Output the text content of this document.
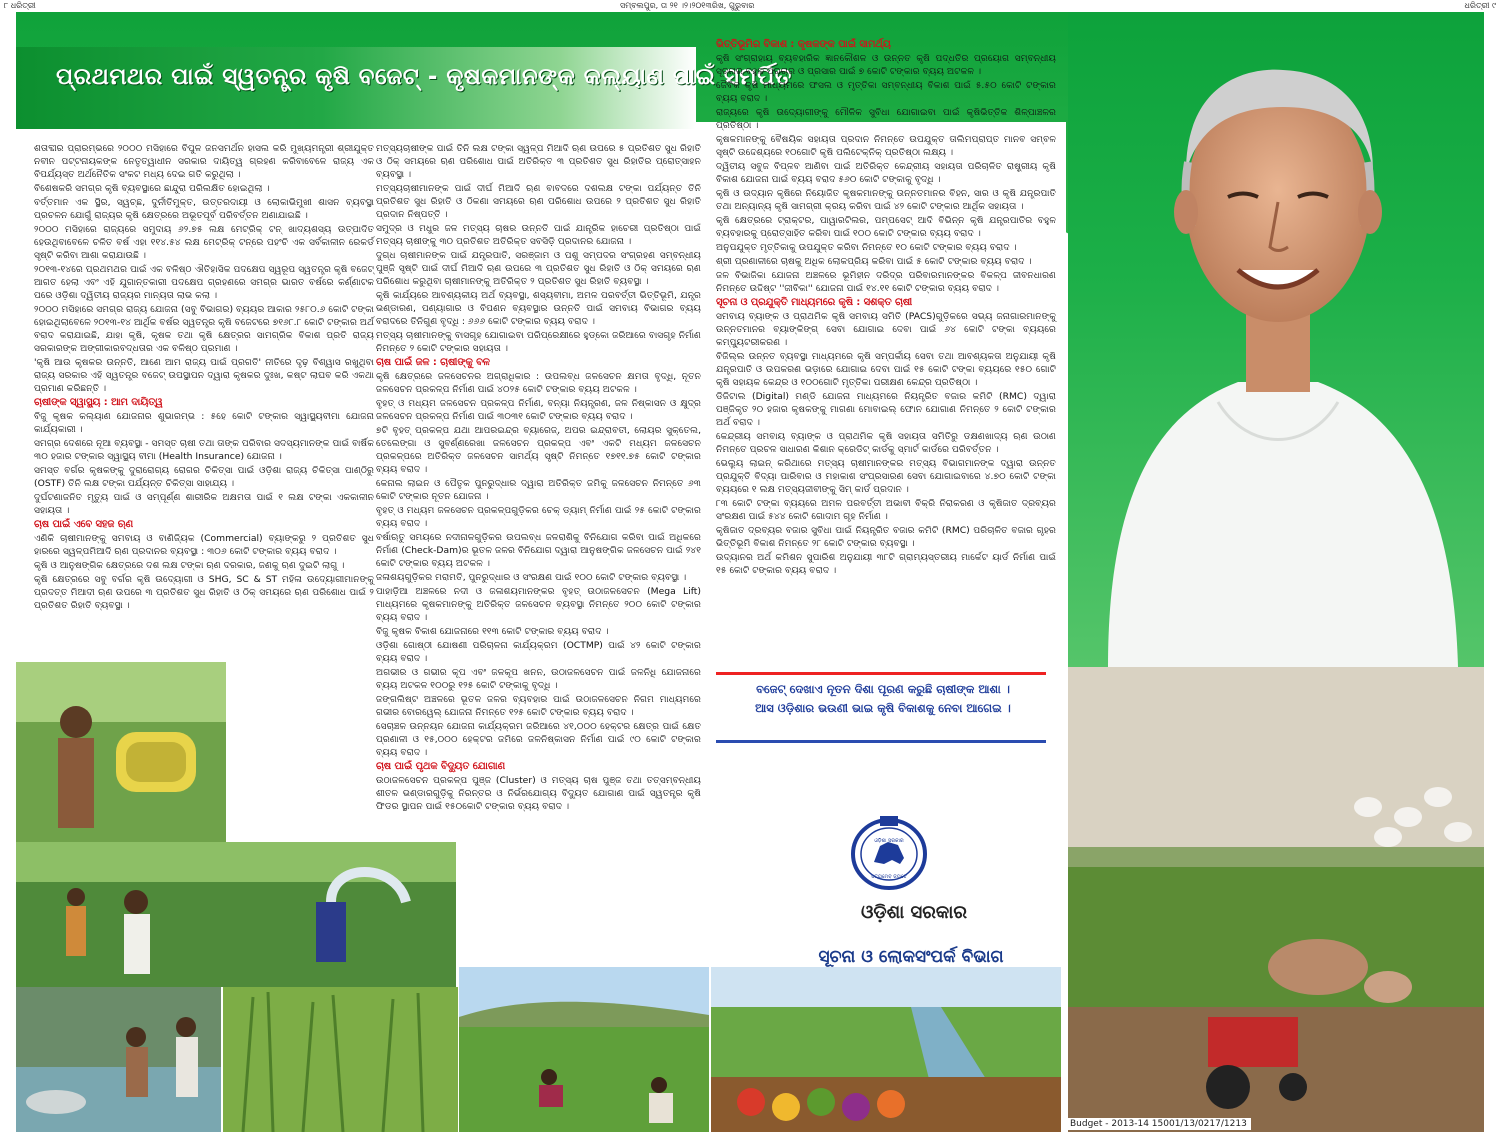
୮ ଧରିତ୍ରୀ	ସମ୍ବଲପୁର, ତା ୨୧ ।୨।୨୦୧୩ରିଖ, ଗୁରୁବାର	ଧରିତ୍ରୀ ୯
ପ୍ରଥମଥର ପାଇଁ ସ୍ୱତନ୍ତ୍ର କୃଷି ବଜେଟ୍ - କୃଷକମାନଙ୍କ କଲ୍ୟାଣ ପାଇଁ ସମର୍ପିତ

ଶତାବ୍ଦୀର ପ୍ରାରମ୍ଭରେ ୨୦୦୦ ମସିହାରେ ବିପୁଳ ଜନସମର୍ଥନ ହାସଲ କରି ମୁଖ୍ୟମନ୍ତ୍ରୀ ଶ୍ରୀଯୁକ୍ତ ନବୀନ ପଟ୍ଟନାୟକଙ୍କ ନେତୃତ୍ୱାଧୀନ ସରକାର ଦାୟିତ୍ୱ ଗ୍ରହଣ କରିବାବେଳେ ରାଜ୍ୟ ଏକ ବିପର୍ଯ୍ୟସ୍ତ ଅର୍ଥନୈତିକ ସଂକଟ ମଧ୍ୟ ଦେଇ ଗତି କରୁଥିଲା ।

ବିଶେଷକରି ସମଗ୍ର କୃଷି ବ୍ୟବସ୍ଥାରେ ଛାନ୍ଦୁରା ପରିଲକ୍ଷିତ ହୋଇଥିଲା ।

ବର୍ତ୍ତମାନ ଏକ ସ୍ଥିର, ସ୍ୱଚ୍ଛ, ଦୁର୍ନୀତିମୁକ୍ତ, ଉତ୍ତରଦାୟୀ ଓ ଲୋକାଭିମୁଖୀ ଶାସନ ବ୍ୟବସ୍ଥା ପ୍ରଚଳନ ଯୋଗୁଁ ରାଜ୍ୟର କୃଷି କ୍ଷେତ୍ରରେ ଅଭୂତପୂର୍ବ ପରିବର୍ତ୍ତନ ଅଣାଯାଇଛି ।

୨୦୦୦ ମସିହାରେ ରାଜ୍ୟରେ ସମୁଦାୟ ୬୨.୭୫ ଲକ୍ଷ ମେଟ୍ରିକ୍ ଟନ୍ ଖାଦ୍ୟଶସ୍ୟ ଉତ୍ପାଦିତ ହେଉଥିବାବେଳେ ଚଳିତ ବର୍ଷ ଏହା ୧୧୪.୫୪ ଲକ୍ଷ ମେଟ୍ରିକ୍ ଟନ୍‌ରେ ପହଂଚି ଏକ ସର୍ବକାଳୀନ ରେକର୍ଡ ସୃଷ୍ଟି କରିବା ଆଶା କରାଯାଉଛି ।

୨୦୧୩-୧୪ରେ ପ୍ରଥମଥର ପାଇଁ ଏକ ବଳିଷ୍ଠ ଐତିହାସିକ ପଦକ୍ଷେପ ସ୍ୱରୂପ ସ୍ୱତନ୍ତ୍ର କୃଷି ବଜେଟ୍ ଆଗତ ହେଲା ଏବଂ ଏହି ଯୁଗାନ୍ତକାରୀ ପଦକ୍ଷେପ ଗ୍ରହଣରେ ସମଗ୍ର ଭାରତ ବର୍ଷରେ କର୍ଣ୍ଣାଟକ ପରେ ଓଡ଼ିଶା ଦ୍ୱିତୀୟ ରାଜ୍ୟର ମାନ୍ୟତା ଲାଭ କଲା ।

୨୦୦୦ ମସିହାରେ ସମଗ୍ର ରାଜ୍ୟ ଯୋଜନା (ସବୁ ବିଭାଗର) ବ୍ୟୟର ଆକାର ୨୫୮୦.୬ କୋଟି ଟଙ୍କା ହୋଇଥିଲାବେଳେ ୨୦୧୩-୧୪ ଆର୍ଥିକ ବର୍ଷର ସ୍ୱତନ୍ତ୍ର କୃଷି ବଜେଟରେ ୭୧୬୮.୮ କୋଟି ଟଙ୍କାର ଅର୍ଥ ବରାଦ କରାଯାଇଛି, ଯାହା କୃଷି, କୃଷକ ତଥା କୃଷି କ୍ଷେତ୍ରର ସାମଗ୍ରିକ ବିକାଶ ପ୍ରତି ରାଜ୍ୟ ସରକାରଙ୍କ ଅଙ୍ଗୀକାରବଦ୍ଧତାର ଏକ ବଳିଷ୍ଠ ପ୍ରମାଣ ।

'କୃଷି ଆଉ କୃଷକର ଉନ୍ନତି, ଆଣେ ଆମ ରାଜ୍ୟ ପାଇଁ ପ୍ରଗତି' ନୀତିରେ ଦୃଢ଼ ବିଶ୍ୱାସ ରଖୁଥିବା ରାଜ୍ୟ ସରକାର ଏହି ସ୍ୱତନ୍ତ୍ର ବଜେଟ୍ ଉପସ୍ଥାପନ ଦ୍ୱାରା କୃଷକର ଦୁଃଖ, କଷ୍ଟ ଲାଘବ କରି ଏକଥା ପ୍ରମାଣ କରିଛନ୍ତି ।

ଚାଷୀଙ୍କ ସ୍ୱାସ୍ଥ୍ୟ : ଆମ ଦାୟିତ୍ୱ

ବିଜୁ କୃଷକ କଲ୍ୟାଣ ଯୋଜନାର ଶୁଭାରମ୍ଭ : ୫ହେ କୋଟି ଟଙ୍କାର ସ୍ୱାସ୍ଥ୍ୟବୀମା ଯୋଜନା କାର୍ଯ୍ୟକାରୀ ।

ସମଗ୍ର ଦେଶରେ ନୂଆ ବ୍ୟବସ୍ଥା - ସମସ୍ତ ଚାଷୀ ତଥା ତାଙ୍କ ପରିବାର ସଦସ୍ୟମାନଙ୍କ ପାଇଁ ବାର୍ଷିକ ୩୦ ହଜାର ଟଙ୍କାର ସ୍ୱାସ୍ଥ୍ୟ ବୀମା (Health Insurance) ଯୋଜନା ।

ସମସ୍ତ ବର୍ଗର କୃଷକଙ୍କୁ ଦୁରାରୋଗ୍ୟ ରୋଗର ଚିକିତ୍ସା ପାଇଁ ଓଡ଼ିଶା ରାଜ୍ୟ ଚିକିତ୍ସା ପାଣ୍ଠିରୁ (OSTF) ତିନି ଲକ୍ଷ ଟଙ୍କା ପର୍ଯ୍ୟନ୍ତ ଚିକିତ୍ସା ସାହାଯ୍ୟ ।

ଦୁର୍ଘଟଣାଜନିତ ମୃତ୍ୟୁ ପାଇଁ ଓ ସମ୍ପୂର୍ଣ୍ଣ ଶାରୀରିକ ଅକ୍ଷମତା ପାଇଁ ୧ ଲକ୍ଷ ଟଙ୍କା ଏକକାଳୀନ ସହାୟତା ।

ଚାଷ ପାଇଁ ଏବେ ସହଜ ଋଣ

ଏଣିକି ଚାଷୀମାନଙ୍କୁ ସମବାୟ ଓ ବାଣିଜ୍ୟିକ (Commercial) ବ୍ୟାଙ୍କରୁ ୨ ପ୍ରତିଶତ ସୁଧ ହାରରେ ସ୍ୱଳ୍ପମିଆଦି ଋଣ ପ୍ରଦାନର ବ୍ୟବସ୍ଥା : ୩୦୬ କୋଟି ଟଙ୍କାର ବ୍ୟୟ ବରାଦ ।

କୃଷି ଓ ଆନୁଷଙ୍ଗିକ କ୍ଷେତ୍ରରେ ଦଶ ଲକ୍ଷ ଟଙ୍କା ଋଣ ଦରକାର, ଜଣକୁ ଋଣ ଦୁଇଟି ଲାଗୁ ।

କୃଷି କ୍ଷେତ୍ରରେ ସବୁ ବର୍ଗର କୃଷି ଉଦ୍ୟୋଗୀ ଓ SHG, SC & ST ମହିଳା ଉଦ୍ୟୋଗୀମାନଙ୍କୁ ପ୍ରଦତ୍ତ ମିଆଦୀ ଋଣ ଉପରେ ୩ ପ୍ରତିଶତ ସୁଧ ରିହାତି ଓ ଠିକ୍ ସମୟରେ ଋଣ ପରିଶୋଧ ପାଇଁ ୨ ପ୍ରତିଶତ ରିହାତି ବ୍ୟବସ୍ଥା ।

ମତ୍ସ୍ୟଚାଷୀଙ୍କ ପାଇଁ ତିନି ଲକ୍ଷ ଟଙ୍କା ସ୍ୱଳ୍ପ ମିଆଦି ଋଣ ଉପରେ ୫ ପ୍ରତିଶତ ସୁଧ ରିହାତି ଓ ଠିକ୍ ସମୟରେ ଋଣ ପରିଶୋଧ ପାଇଁ ଅତିରିକ୍ତ ୩ ପ୍ରତିଶତ ସୁଧ ରିହାତିର ପ୍ରୋତ୍ସାହନ ବ୍ୟବସ୍ଥା ।

ମତ୍ସ୍ୟଚାଷୀମାନଙ୍କ ପାଇଁ ଦୀର୍ଘ ମିଆଦି ଋଣ ବାବଦରେ ଦଶଲକ୍ଷ ଟଙ୍କା ପର୍ଯ୍ୟନ୍ତ ତିନି ପ୍ରତିଶତ ସୁଧ ରିହାତି ଓ ଠିକଣା ସମୟରେ ଋଣ ପରିଶୋଧ ଉପରେ ୨ ପ୍ରତିଶତ ସୁଧ ରିହାତି ପ୍ରଦାନ ନିଷ୍ପତ୍ତି ।

ସମୁଦ୍ର ଓ ମଧୁର ଜଳ ମତ୍ସ୍ୟ ଚାଷର ଉନ୍ନତି ପାଇଁ ଯାନ୍ତ୍ରିକ ହାଚେରୀ ପ୍ରତିଷ୍ଠା ପାଇଁ ମତ୍ସ୍ୟ ଚାଷୀଙ୍କୁ ୩୦ ପ୍ରତିଶତ ଅତିରିକ୍ତ ସବସିଡ଼ି ପ୍ରଦାନର ଯୋଜନା ।

ଦୁଗ୍ଧ ଚାଷୀମାନଙ୍କ ପାଇଁ ଯନ୍ତ୍ରପାତି, ସରଞ୍ଜାମ ଓ ପଶୁ ସମ୍ପଦର ସଂଗ୍ରହଣ ସମ୍ବନ୍ଧୀୟ ପୁଞ୍ଜି ସୃଷ୍ଟି ପାଇଁ ଦୀର୍ଘ ମିଆଦି ଋଣ ଉପରେ ୩ ପ୍ରତିଶତ ସୁଧ ରିହାତି ଓ ଠିକ୍ ସମୟରେ ଋଣ ପରିଶୋଧ କରୁଥିବା ଚାଷୀମାନଙ୍କୁ ଅତିରିକ୍ତ ୨ ପ୍ରତିଶତ ସୁଧ ରିହାତି ବ୍ୟବସ୍ଥା ।

କୃଷି କାର୍ଯ୍ୟରେ ଆବଶ୍ୟକୀୟ ଅର୍ଥ ବ୍ୟବସ୍ଥା, ଶସ୍ୟବୀମା, ଅମଳ ପରବର୍ତ୍ତୀ ଭିତ୍ତିଭୂମି, ଯନ୍ତ୍ର ଭଣ୍ଡାରଣ, ପଣ୍ୟାଗାର ଓ ବିପଣନ ବ୍ୟବସ୍ଥାର ଉନ୍ନତି ପାଇଁ ସମବାୟ ବିଭାଗର ବ୍ୟୟ ବରାଦରେ ତିନିଗୁଣ ବୃଦ୍ଧି : ୬୬୬ କୋଟି ଟଙ୍କାର ବ୍ୟୟ ବରାଦ ।

ମତ୍ସ୍ୟ ଚାଷୀମାନଙ୍କୁ ବାସଗୃହ ଯୋଗାଇବା ପରିପ୍ରେକ୍ଷୀରେ ହୁଡ୍‌କୋ ଜରିଆରେ ବାସଗୃହ ନିର୍ମାଣ ନିମନ୍ତେ ୨ କୋଟି ଟଙ୍କାର ସହାୟତା ।

ଚାଷ ପାଇଁ ଜଳ : ଚାଷୀଙ୍କୁ ବଳ

କୃଷି କ୍ଷେତ୍ରରେ ଜଳସେଚନର ଅଗ୍ରାଧିକାର : ଉପଲବ୍ଧ ଜଳସେଚନ କ୍ଷମତା ବୃଦ୍ଧି, ନୂତନ ଜଳସେଚନ ପ୍ରକଳ୍ପ ନିର୍ମାଣ ପାଇଁ ୪୦୨୫ କୋଟି ଟଙ୍କାର ବ୍ୟୟ ଅଟକଳ ।

ବୃହତ୍ ଓ ମଧ୍ୟମ ଜଳସେଚନ ପ୍ରକଳ୍ପ ନିର୍ମାଣ, ବନ୍ୟା ନିୟନ୍ତ୍ରଣ, ଜଳ ନିଷ୍କାସନ ଓ କ୍ଷୁଦ୍ର ଜଳସେଚନ ପ୍ରକଳ୍ପ ନିର୍ମାଣ ପାଇଁ ୩୦୩୧ କୋଟି ଟଙ୍କାର ବ୍ୟୟ ବରାଦ ।

୭ଟି ବୃହତ୍ ପ୍ରକଳ୍ପ ଯଥା ଆପରଇନ୍ଦ୍ର ବ୍ୟାରେଜ୍, ଅପର ଇନ୍ଦ୍ରାବତୀ, ଲୋୟର ସୁକ୍‌ତେଲ, ତେଲେଙ୍ଗା ଓ ସୁବର୍ଣ୍ଣରେଖା ଜଳସେଚନ ପ୍ରକଳ୍ପ ଏବଂ ଏକଟି ମଧ୍ୟମ ଜଳସେଚନ ପ୍ରକଳ୍ପରେ ଅତିରିକ୍ତ ଜଳସେଚନ ସାମର୍ଥ୍ୟ ସୃଷ୍ଟି ନିମନ୍ତେ ୧୭୧୧.୭୫ କୋଟି ଟଙ୍କାର ବ୍ୟୟ ବରାଦ ।

କେନାଲ ଲାଇନ ଓ ପୈତୃକ ପୁନରୁଦ୍ଧାର ଦ୍ୱାରା ଅତିରିକ୍ତ ଜମିକୁ ଜଳସେଚନ ନିମନ୍ତେ ୬୩ କୋଟି ଟଙ୍କାର ନୂତନ ଯୋଜନା ।

ବୃହତ୍ ଓ ମଧ୍ୟମ ଜଳସେଚନ ପ୍ରକଳ୍ପଗୁଡ଼ିକର ଚେକ୍ ଡ୍ୟାମ୍ ନିର୍ମାଣ ପାଇଁ ୨୫ କୋଟି ଟଙ୍କାର ବ୍ୟୟ ବରାଦ ।

ବର୍ଷାଋତୁ ସମୟରେ ନଦୀନାଳଗୁଡ଼ିକର ଉପଲବ୍ଧ ଜଳରାଶିକୁ ବିନିଯୋଗ କରିବା ପାଇଁ ଅଧିକରେ ନିର୍ମାଣ (Check-Dam)ର ଭୂତଳ ଜଳର ବିନିଯୋଗ ଦ୍ୱାରା ଆନୁଷଙ୍ଗିକ ଜଳସେଚନ ପାଇଁ ୨୪୧ କୋଟି ଟଙ୍କାର ବ୍ୟୟ ଅଟକଳ ।

ଜଳାଶୟଗୁଡ଼ିକର ମରାମତି, ପୁନରୁଦ୍ଧାର ଓ ସଂରକ୍ଷଣ ପାଇଁ ୧୦୦ କୋଟି ଟଙ୍କାର ବ୍ୟବସ୍ଥା ।

ପାହାଡ଼ିଆ ଅଞ୍ଚଳରେ ନଦୀ ଓ ଜଳାଶୟମାନଙ୍କର ବୃହତ୍ ଉଠାଜଳସେଚନ (Mega Lift) ମାଧ୍ୟମରେ କୃଷକମାନଙ୍କୁ ଅତିରିକ୍ତ ଜଳସେଚନ ବ୍ୟବସ୍ଥା ନିମନ୍ତେ ୨୦୦ କୋଟି ଟଙ୍କାର ବ୍ୟୟ ବରାଦ ।

ବିଜୁ କୃଷକ ବିକାଶ ଯୋଜନାରେ ୧୧୩ କୋଟି ଟଙ୍କାର ବ୍ୟୟ ବରାଦ ।

ଓଡ଼ିଶା ଗୋଷ୍ଠୀ ଯୋଷଣୀ ପରିଚାଳନା କାର୍ଯ୍ୟକ୍ରମ (OCTMP) ପାଇଁ ୪୨ କୋଟି ଟଙ୍କାର ବ୍ୟୟ ବରାଦ ।

ଅଗଭୀର ଓ ଗଭୀର କୂପ ଏବଂ ଜଳକୂପ ଖନନ, ଉଠାଜଳସେଚନ ପାଇଁ ଜଳନିଧି ଯୋଜନାରେ ବ୍ୟୟ ଅଟକଳ ୧୦୦ରୁ ୧୨୫ କୋଟି ଟଙ୍କାକୁ ବୃଦ୍ଧି ।

ଜଙ୍ଗଲିଷ୍ଟ ଅଞ୍ଚଳରେ ଭୂତଳ ଜଳର ବ୍ୟବହାର ପାଇଁ ଉଠାଜଳସେଚନ ନିଗମ ମାଧ୍ୟମରେ ଗଭୀର ବୋରୱେଲ୍ ଯୋଜନା ନିମନ୍ତେ ୧୨୫ କୋଟି ଟଙ୍କାର ବ୍ୟୟ ବରାଦ ।

ସେଚାଞ୍ଚଳ ଉନ୍ନୟନ ଯୋଜନା କାର୍ଯ୍ୟକ୍ରମ ଜରିଆରେ ୪୧,୦୦୦ ହେକ୍ଟର କ୍ଷେତ୍ର ପାଇଁ କ୍ଷେତ ପ୍ରଣାଳୀ ଓ ୧୫,୦୦୦ ହେକ୍ଟର ଜମିରେ ଜଳନିଷ୍କାସନ ନିର୍ମାଣ ପାଇଁ ୯୦ କୋଟି ଟଙ୍କାର ବ୍ୟୟ ବରାଦ ।

ଚାଷ ପାଇଁ ପୃଥକ ବିଦ୍ୟୁତ ଯୋଗାଣ

ଉଠାଜଳସେଚନ ପ୍ରକଳ୍ପ ପୁଞ୍ଜ (Cluster) ଓ ମତ୍ସ୍ୟ ଚାଷ ପୁଞ୍ଜ ତଥା ତତ୍ସମ୍ବନ୍ଧୀୟ ଶୀତଳ ଭଣ୍ଡାରଗୁଡ଼ିକୁ ନିରନ୍ତର ଓ ନିର୍ଭରଯୋଗ୍ୟ ବିଦ୍ୟୁତ ଯୋଗାଣ ପାଇଁ ସ୍ୱତନ୍ତ୍ର କୃଷି ଫିଡର ସ୍ଥାପନ ପାଇଁ ୧୫୦କୋଟି ଟଙ୍କାର ବ୍ୟୟ ବରାଦ ।

ଭିତ୍ତିଭୂମିର ବିକାଶ : କୃଷକଙ୍କ ପାଇଁ ସାମର୍ଥ୍ୟ

କୃଷି ସଂଗ୍ରାହାୟ ବ୍ୟବହାରିକ ଜ୍ଞାନକୌଶଳ ଓ ଉନ୍ନତ କୃଷି ପଦ୍ଧତିର ପ୍ରୟୋଗ ସମ୍ବନ୍ଧୀୟ ସୂଚନାର ବହୁଳ ପ୍ରଚାର ଓ ପ୍ରସାର ପାଇଁ ୭ କୋଟି ଟଙ୍କାର ବ୍ୟୟ ଅଟକଳ ।

ଜୈବିକ କୃଷି ମାଧ୍ୟମରେ ଫସଲ ଓ ମୃତ୍ତିକା ସମ୍ବନ୍ଧୀୟ ବିକାଶ ପାଇଁ ୫.୫୦ କୋଟି ଟଙ୍କାର ବ୍ୟୟ ବରାଦ ।

ରାଜ୍ୟରେ କୃଷି ଉଦ୍ୟୋଗୀଙ୍କୁ ମୌଳିକ ସୁବିଧା ଯୋଗାଇବା ପାଇଁ କୃଷିଭିତ୍ତିକ ଶିଳ୍ପାଞ୍ଚଳର ପ୍ରତିଷ୍ଠା ।

କୃଷକମାନଙ୍କୁ ବୈଷୟିକ ସହାୟତା ପ୍ରଦାନ ନିମନ୍ତେ ଉପଯୁକ୍ତ ତାଲିମପ୍ରାପ୍ତ ମାନବ ସମ୍ବଳ ସୃଷ୍ଟି ଉଦ୍ଦେଶ୍ୟରେ ୧୦ଗୋଟି କୃଷି ପଲିଟେକ୍‌ନିକ୍ ପ୍ରତିଷ୍ଠା ଲକ୍ଷ୍ୟ ।

ଦ୍ୱିତୀୟ ସବୁଜ ବିପ୍ଳବ ଆଣିବା ପାଇଁ ଅତିରିକ୍ତ କେନ୍ଦ୍ରୀୟ ସହାୟତା ପରିଚାଳିତ ରାଷ୍ଟ୍ରୀୟ କୃଷି ବିକାଶ ଯୋଜନା ପାଇଁ ବ୍ୟୟ ବରାଦ ୫୬୦ କୋଟି ଟଙ୍କାକୁ ବୃଦ୍ଧି ।

କୃଷି ଓ ଉଦ୍ୟାନ କୃଷିରେ ନିୟୋଜିତ କୃଷକମାନଙ୍କୁ ଉନ୍ନତମାନର ବିହନ, ସାର ଓ କୃଷି ଯନ୍ତ୍ରପାତି ତଥା ଅନ୍ୟାନ୍ୟ କୃଷି ସାମଗ୍ରୀ କ୍ରୟ କରିବା ପାଇଁ ୪୨ କୋଟି ଟଙ୍କାର ଆର୍ଥିକ ସହାୟତା ।

କୃଷି କ୍ଷେତ୍ରରେ ଟ୍ରାକ୍ଟର, ପାୱାରଟିଲର, ପମ୍ପସେଟ୍ ଆଦି ବିଭିନ୍ନ କୃଷି ଯନ୍ତ୍ରପାତିର ବହୁଳ ବ୍ୟବହାରକୁ ପ୍ରୋତ୍ସାହିତ କରିବା ପାଇଁ ୧୦୦ କୋଟି ଟଙ୍କାର ବ୍ୟୟ ବରାଦ ।

ଅନୁପଯୁକ୍ତ ମୃତ୍ତିକାକୁ ଉପଯୁକ୍ତ କରିବା ନିମନ୍ତେ ୧୦ କୋଟି ଟଙ୍କାର ବ୍ୟୟ ବରାଦ ।

ଶ୍ରୀ ପ୍ରଣାଳୀରେ ଚାଷକୁ ଅଧିକ ଲୋକପ୍ରିୟ କରିବା ପାଇଁ ୫ କୋଟି ଟଙ୍କାର ବ୍ୟୟ ବରାଦ ।

ଜଳ ବିଭାଜିକା ଯୋଜନା ଅଞ୍ଚଳରେ ଭୂମିହୀନ ଦରିଦ୍ର ପରିବାରମାନଙ୍କର ବିକଳ୍ପ ଜୀବନଧାରଣ ନିମନ୍ତେ ଉଦ୍ଦିଷ୍ଟ ''ଜୀବିକା'' ଯୋଜନା ପାଇଁ ୧୪.୧୧ କୋଟି ଟଙ୍କାର ବ୍ୟୟ ବରାଦ ।

ସୂଚନା ଓ ପ୍ରଯୁକ୍ତି ମାଧ୍ୟମରେ କୃଷି : ସଶକ୍ତ ଚାଷୀ

ସମବାୟ ବ୍ୟାଙ୍କ ଓ ପ୍ରାଥମିକ କୃଷି ସମବାୟ ସମିତି (PACS)ଗୁଡ଼ିକରେ ସଭ୍ୟ ଜନାଗାରମାନଙ୍କୁ ଉନ୍ନତମାନର ବ୍ୟାଙ୍କିଙ୍ଗ୍ ସେବା ଯୋଗାଇ ଦେବା ପାଇଁ ୬୪ କୋଟି ଟଙ୍କା ବ୍ୟୟରେ କମ୍ପ୍ୟୁଟରୀକରଣ ।

ବିଜିଲ୍ଲ ଉନ୍ନତ ବ୍ୟବସ୍ଥା ମାଧ୍ୟମରେ କୃଷି ସମ୍ପର୍କୀୟ ସେବା ତଥା ଆବଶ୍ୟକତା ଅନୁଯାୟୀ କୃଷି ଯନ୍ତ୍ରପାତି ଓ ଉପକରଣ ଭଡ଼ାରେ ଯୋଗାଇ ଦେବା ପାଇଁ ୧୫ କୋଟି ଟଙ୍କା ବ୍ୟୟରେ ୧୫୦ ଗୋଟି କୃଷି ସହାୟକ କେନ୍ଦ୍ର ଓ ୧୦୦ଗୋଟି ମୃତ୍ତିକା ପରୀକ୍ଷଣ କେନ୍ଦ୍ର ପ୍ରତିଷ୍ଠା ।

ଡିଜିଟାଲ (Digital) ମଣ୍ଡି ଯୋଜନା ମାଧ୍ୟମରେ ନିୟନ୍ତ୍ରିତ ବଜାର କମିଟି (RMC) ଦ୍ୱାରା ପଞ୍ଜିକୃତ ୨୦ ହଜାର କୃଷକଙ୍କୁ ମାଗଣା ମୋବାଇଲ୍ ଫୋନ ଯୋଗାଣ ନିମନ୍ତେ ୨ କୋଟି ଟଙ୍କାର ଅର୍ଥ ବରାଦ ।

କେନ୍ଦ୍ରୀୟ ସମବାୟ ବ୍ୟାଙ୍କ ଓ ପ୍ରାଥମିକ କୃଷି ସହାୟତା ସମିତିରୁ ଡକ୍ଷଣଖାଦ୍ୟ ଋଣ ଉଠାଣ ନିମନ୍ତେ ପ୍ରଚଳ ସାଧାରଣ କିଶାନ କ୍ରେଡିଟ୍ କାର୍ଡକୁ ସ୍ମାର୍ଟ କାର୍ଡରେ ପରିବର୍ତ୍ତନ ।

ଭେଲ୍ୟୁ ଲାଇନ୍ କରିଥାରେ ମତ୍ସ୍ୟ ଚାଷୀମାନଙ୍କର ମତ୍ସ୍ୟ ବିଭାଗମାନଙ୍କ ଦ୍ୱାରା ଉନ୍ନତ ପ୍ରଯୁକ୍ତି ବିଦ୍ୟା ପାରିବାର ଓ ମହାକାଶ ସଂପ୍ରସାରଣ ସେବା ଯୋଗାଇବାରେ ୪.୭୦ କୋଟି ଟଙ୍କା ବ୍ୟୟରେ ୧ ଲକ୍ଷ ମତ୍ସ୍ୟଜୀବୀଙ୍କୁ ସିମ୍ କାର୍ଡ ପ୍ରଦାନ ।

୮୩ କୋଟି ଟଙ୍କା ବ୍ୟୟରେ ଅମଳ ପରବର୍ତ୍ତୀ ଅଭାବୀ ବିକ୍ରି ନିରାକରଣ ଓ କୃଷିଜାତ ଦ୍ରବ୍ୟର ସଂରକ୍ଷଣ ପାଇଁ ୫୪୪ କୋଟି ଗୋଦାମ ଗୃହ ନିର୍ମାଣ ।

କୃଷିଜାତ ଦ୍ରବ୍ୟର ବଜାର ସୁବିଧା ପାଇଁ ନିୟନ୍ତ୍ରିତ ବଜାର କମିଟି (RMC) ପରିଚାଳିତ ବଜାର ଗୃହର ଭିତ୍ତିଭୂମି ବିକାଶ ନିମନ୍ତେ ୨୮ କୋଟି ଟଙ୍କାର ବ୍ୟବସ୍ଥା ।

ଉଦ୍ୟାନର ଅର୍ଥ କମିଶନ ସୁପାରିଶ ଅନୁଯାୟୀ ୩୮ଟି ଗ୍ରାମ୍ୟସ୍ତରୀୟ ମାର୍କେଟ ୟାର୍ଡ ନିର୍ମାଣ ପାଇଁ ୧୫ କୋଟି ଟଙ୍କାର ବ୍ୟୟ ବରାଦ ।

ବଜେଟ୍ ଦେଖାଏ ନୂତନ ଦିଶା ପୂରଣ କରୁଛି ଚାଷୀଙ୍କ ଆଶା ।
ଆସ ଓଡ଼ିଶାର ଭଉଣୀ ଭାଇ କୃଷି ବିକାଶକୁ ନେବା ଆଗେଇ ।
ଓଡ଼ିଶା ସରକାର
ସତ୍ୟମେବ ଜୟତେ
ଓଡ଼ିଶା ସରକାର
ସୂଚନା ଓ ଲୋକସଂପର୍କ ବିଭାଗ
Budget - 2013-14 15001/13/0217/1213
